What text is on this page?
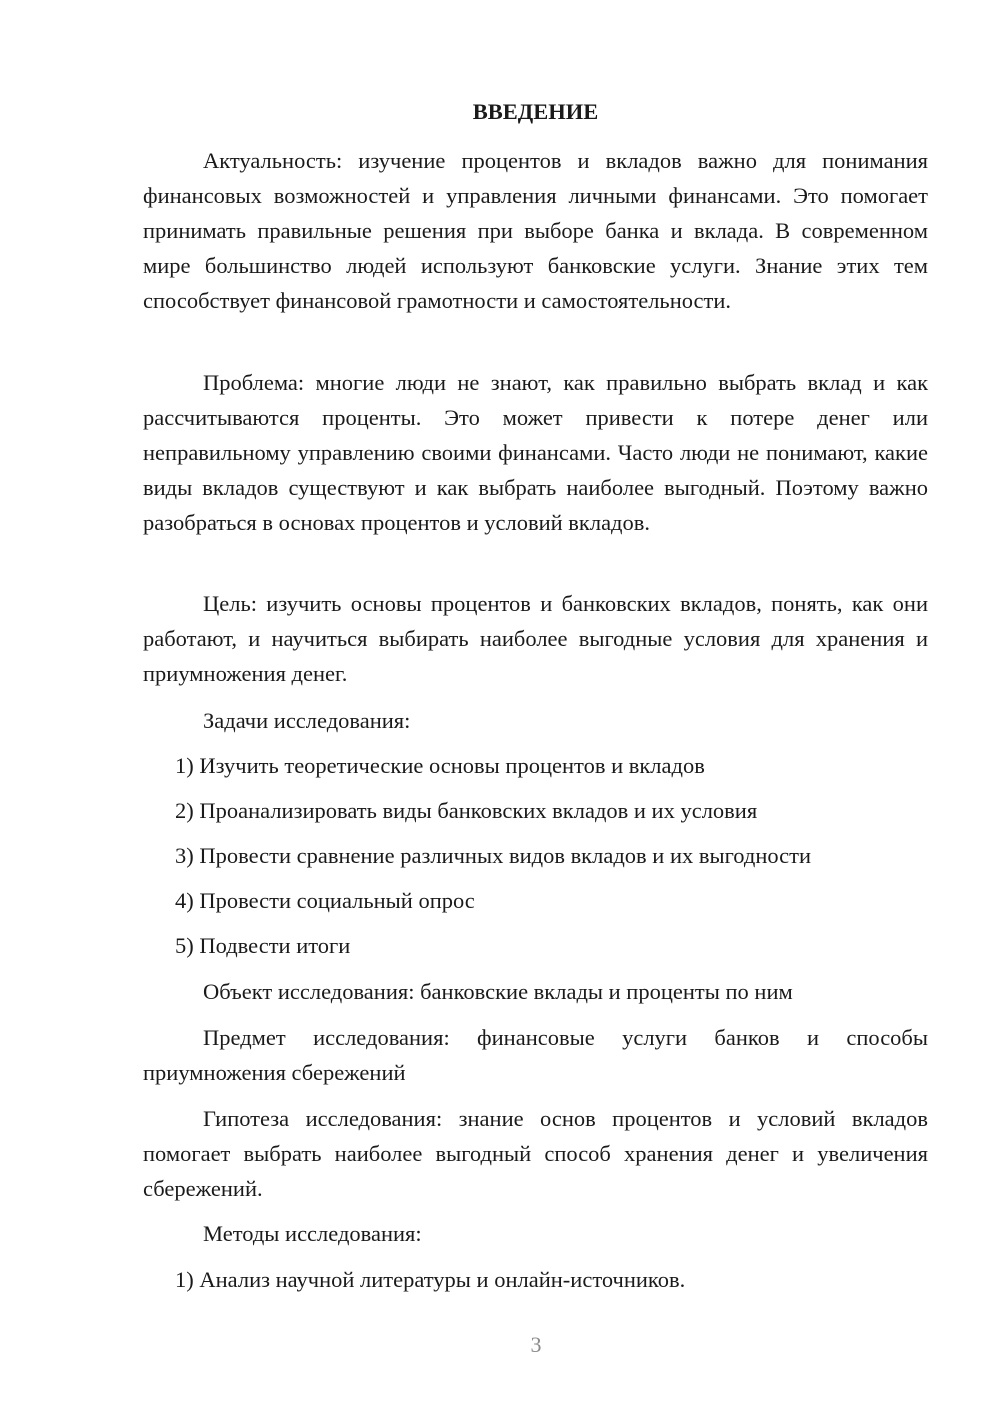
ВВЕДЕНИЕ

Актуальность: изучение процентов и вкладов важно для понимания финансовых возможностей и управления личными финансами. Это помогает принимать правильные решения при выборе банка и вклада. В современном мире большинство людей используют банковские услуги. Знание этих тем способствует финансовой грамотности и самостоятельности.

Проблема: многие люди не знают, как правильно выбрать вклад и как рассчитываются проценты. Это может привести к потере денег или неправильному управлению своими финансами. Часто люди не понимают, какие виды вкладов существуют и как выбрать наиболее выгодный. Поэтому важно разобраться в основах процентов и условий вкладов.

Цель: изучить основы процентов и банковских вкладов, понять, как они работают, и научиться выбирать наиболее выгодные условия для хранения и приумножения денег.

Задачи исследования:

1) Изучить теоретические основы процентов и вкладов

2) Проанализировать виды банковских вкладов и их условия

3) Провести сравнение различных видов вкладов и их выгодности

4) Провести социальный опрос

5) Подвести итоги

Объект исследования: банковские вклады и проценты по ним

Предмет исследования: финансовые услуги банков и способы приумножения сбережений

Гипотеза исследования: знание основ процентов и условий вкладов помогает выбрать наиболее выгодный способ хранения денег и увеличения сбережений.

Методы исследования:

1) Анализ научной литературы и онлайн-источников.

3
